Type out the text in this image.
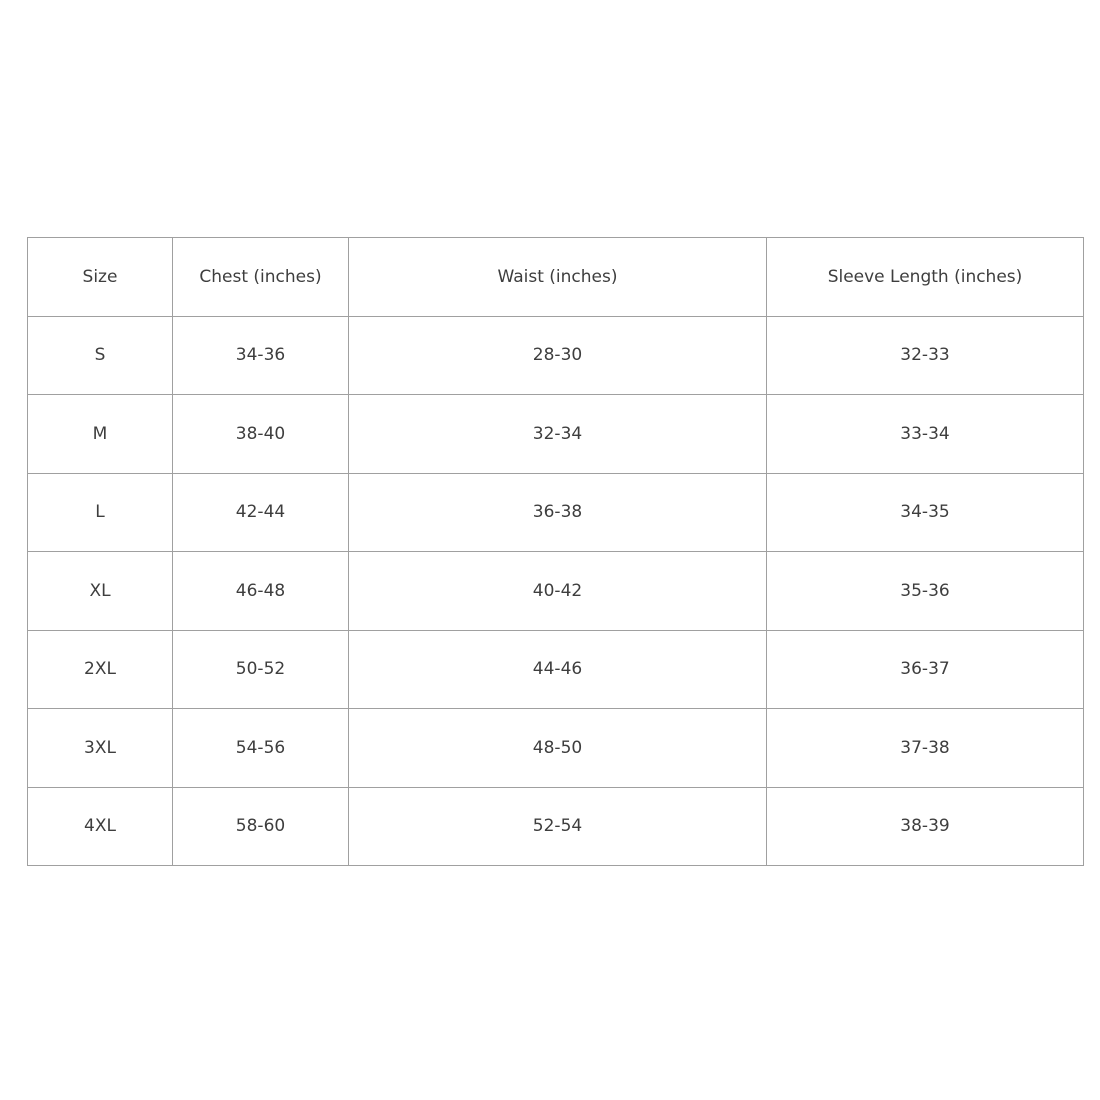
Size	Chest (inches)	Waist (inches)	Sleeve Length (inches)
S	34-36	28-30	32-33
M	38-40	32-34	33-34
L	42-44	36-38	34-35
XL	46-48	40-42	35-36
2XL	50-52	44-46	36-37
3XL	54-56	48-50	37-38
4XL	58-60	52-54	38-39
